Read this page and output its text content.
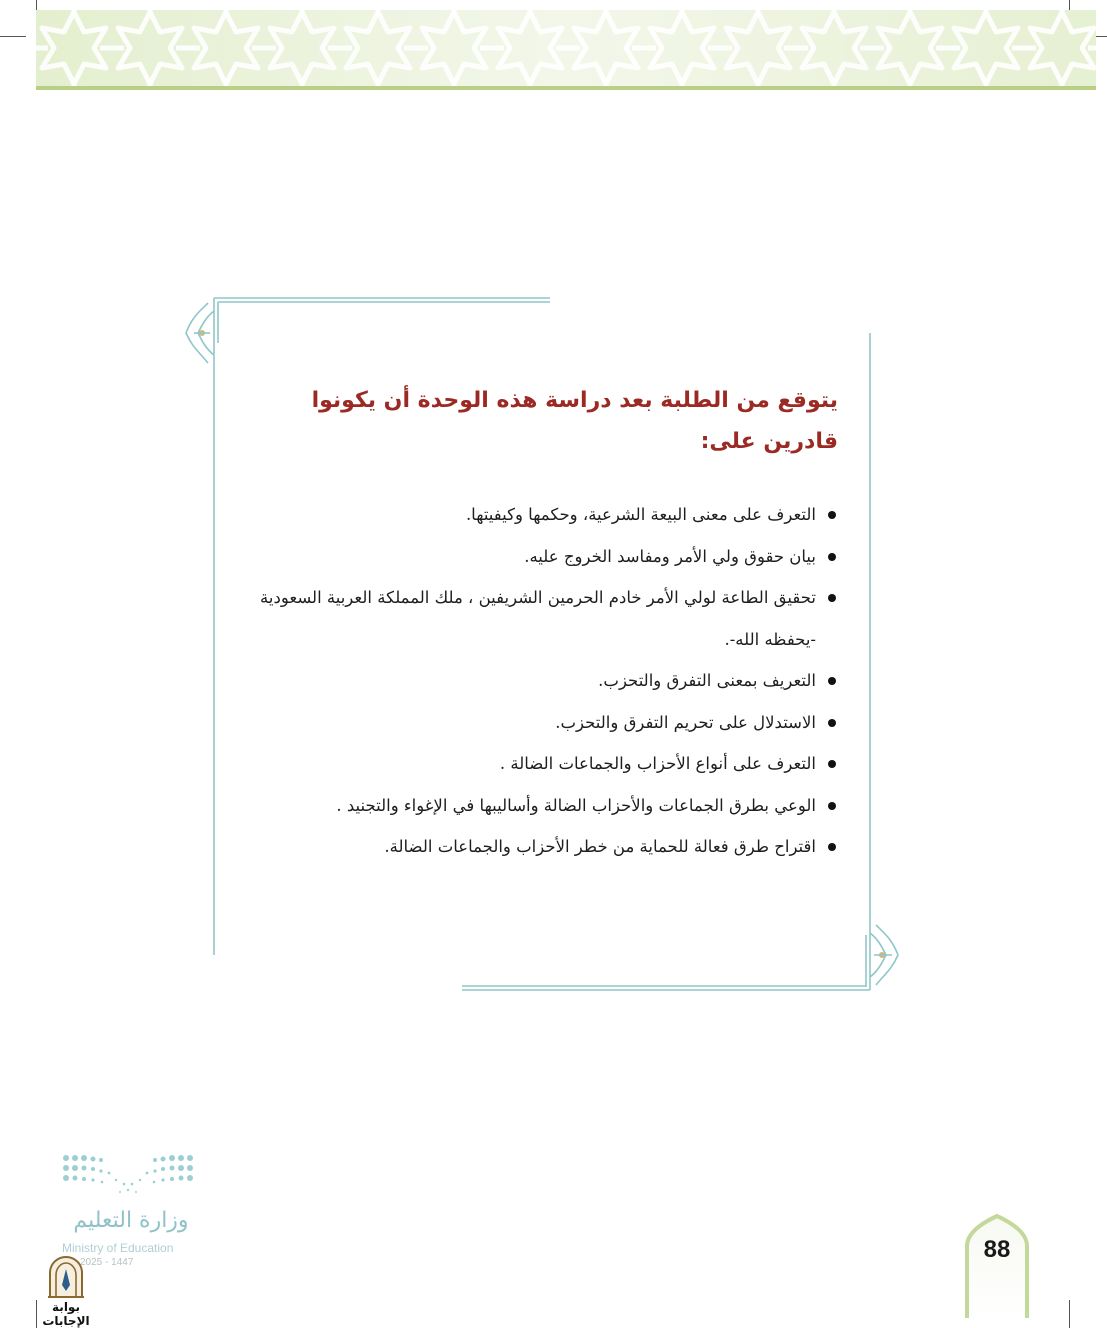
يتوقع من الطلبة بعد دراسة هذه الوحدة أن يكونوا قادرين على:
التعرف على معنى البيعة الشرعية، وحكمها وكيفيتها.
بيان حقوق ولي الأمر ومفاسد الخروج عليه.
تحقيق الطاعة لولي الأمر خادم الحرمين الشريفين ، ملك المملكة العربية السعودية -يحفظه الله-.
التعريف بمعنى التفرق والتحزب.
الاستدلال على تحريم التفرق والتحزب.
التعرف على أنواع الأحزاب والجماعات الضالة .
الوعي بطرق الجماعات والأحزاب الضالة وأساليبها في الإغواء والتجنيد .
اقتراح طرق فعالة للحماية من خطر الأحزاب والجماعات الضالة.
وزارة التعليم
Ministry of Education
2025 - 1447
بوابة الإجابات
88
